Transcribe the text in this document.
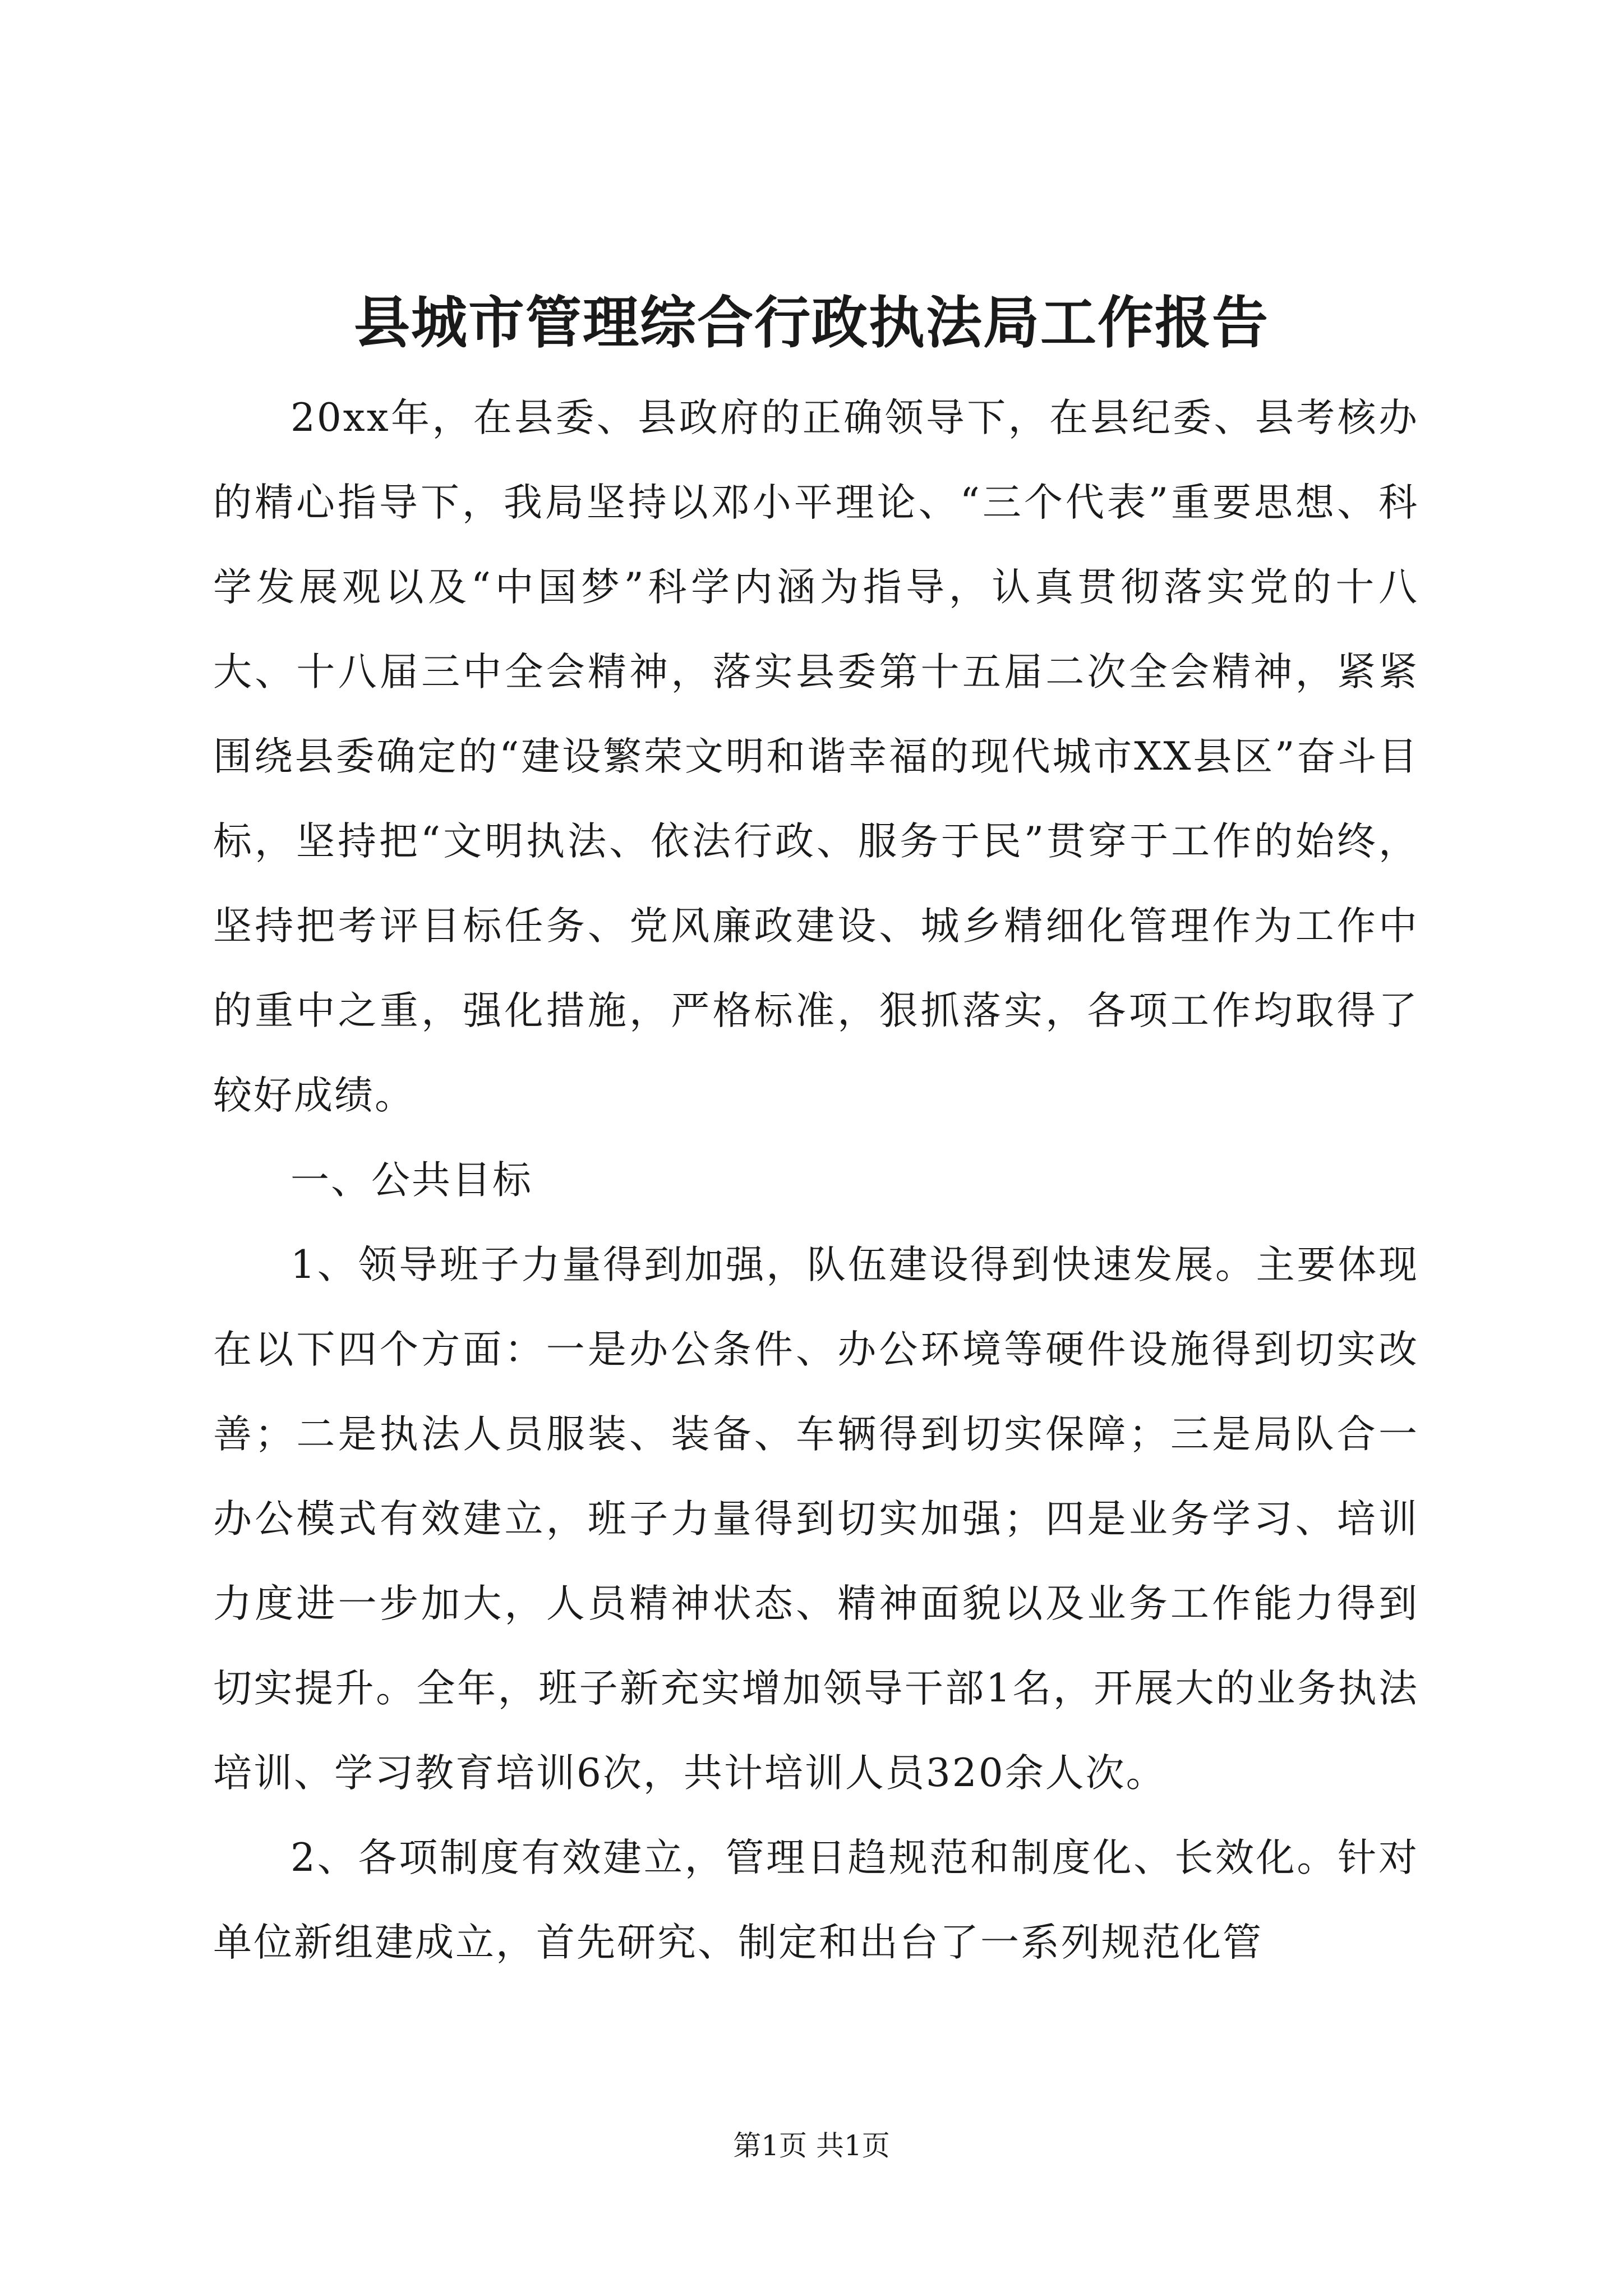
县城市管理综合行政执法局工作报告

20xx年，在县委、县政府的正确领导下，在县纪委、县考核办的精心指导下，我局坚持以邓小平理论、“三个代表”重要思想、科学发展观以及“中国梦”科学内涵为指导，认真贯彻落实党的十八大、十八届三中全会精神，落实县委第十五届二次全会精神，紧紧围绕县委确定的“建设繁荣文明和谐幸福的现代城市XX县区”奋斗目标，坚持把“文明执法、依法行政、服务于民”贯穿于工作的始终，坚持把考评目标任务、党风廉政建设、城乡精细化管理作为工作中的重中之重，强化措施，严格标准，狠抓落实，各项工作均取得了较好成绩。

一、公共目标

1、领导班子力量得到加强，队伍建设得到快速发展。主要体现在以下四个方面：一是办公条件、办公环境等硬件设施得到切实改善；二是执法人员服装、装备、车辆得到切实保障；三是局队合一办公模式有效建立，班子力量得到切实加强；四是业务学习、培训力度进一步加大，人员精神状态、精神面貌以及业务工作能力得到切实提升。全年，班子新充实增加领导干部1名，开展大的业务执法培训、学习教育培训6次，共计培训人员320余人次。

2、各项制度有效建立，管理日趋规范和制度化、长效化。针对单位新组建成立，首先研究、制定和出台了一系列规范化管

第1页 共1页
